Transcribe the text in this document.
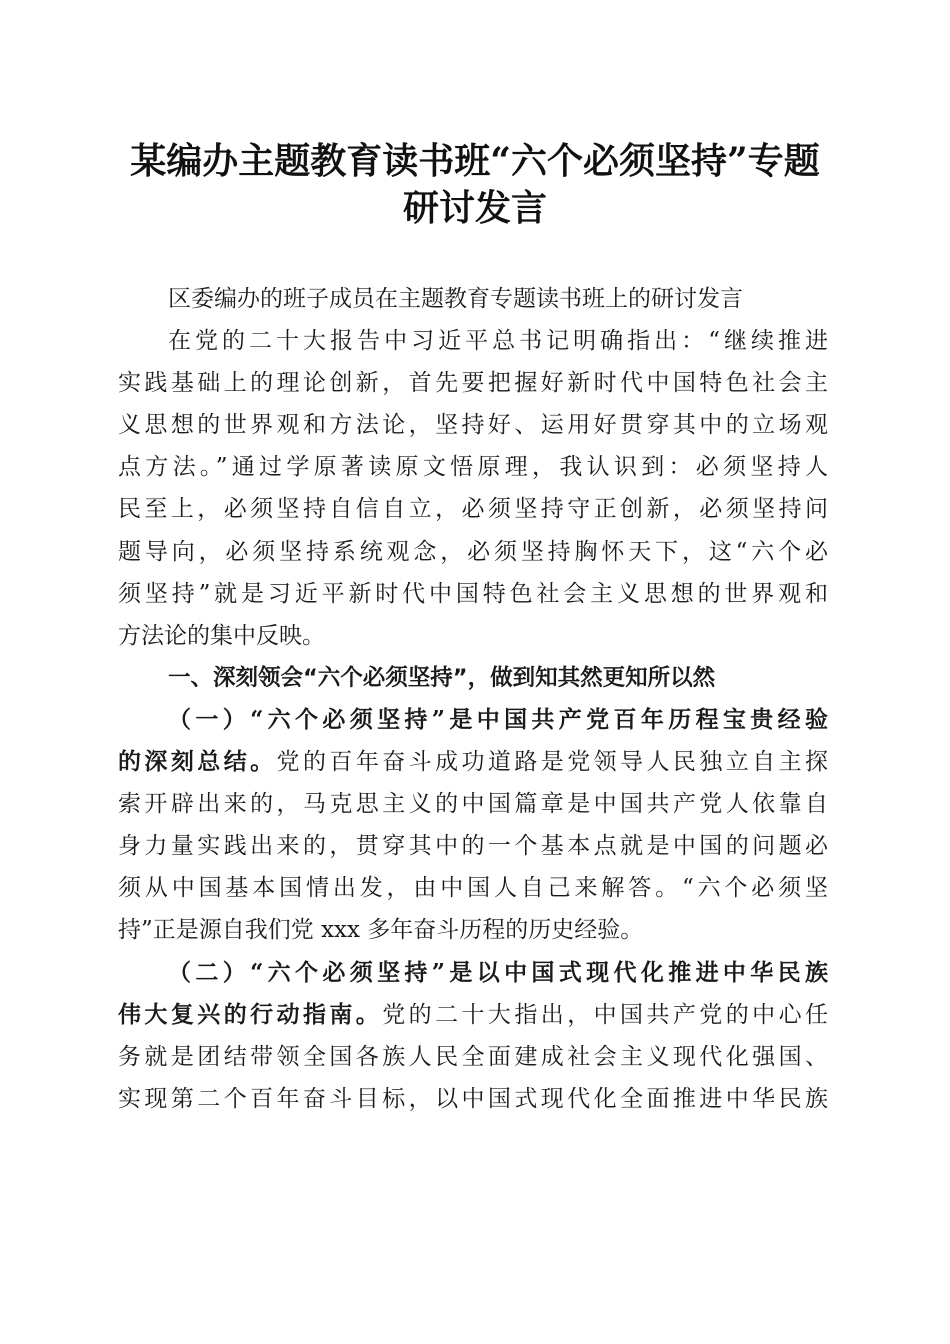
某编办主题教育读书班“六个必须坚持”专题
研讨发言
区委编办的班子成员在主题教育专题读书班上的研讨发言
在党的二十大报告中习近平总书记明确指出：“继续推进
实践基础上的理论创新，首先要把握好新时代中国特色社会主
义思想的世界观和方法论，坚持好、运用好贯穿其中的立场观
点方法。”通过学原著读原文悟原理，我认识到：必须坚持人
民至上，必须坚持自信自立，必须坚持守正创新，必须坚持问
题导向，必须坚持系统观念，必须坚持胸怀天下，这“六个必
须坚持”就是习近平新时代中国特色社会主义思想的世界观和
方法论的集中反映。
一、深刻领会“六个必须坚持”，做到知其然更知所以然
（一）“六个必须坚持”是中国共产党百年历程宝贵经验
的深刻总结。党的百年奋斗成功道路是党领导人民独立自主探
索开辟出来的，马克思主义的中国篇章是中国共产党人依靠自
身力量实践出来的，贯穿其中的一个基本点就是中国的问题必
须从中国基本国情出发，由中国人自己来解答。“六个必须坚
持”正是源自我们党 xxx 多年奋斗历程的历史经验。
（二）“六个必须坚持”是以中国式现代化推进中华民族
伟大复兴的行动指南。党的二十大指出，中国共产党的中心任
务就是团结带领全国各族人民全面建成社会主义现代化强国、
实现第二个百年奋斗目标，以中国式现代化全面推进中华民族
